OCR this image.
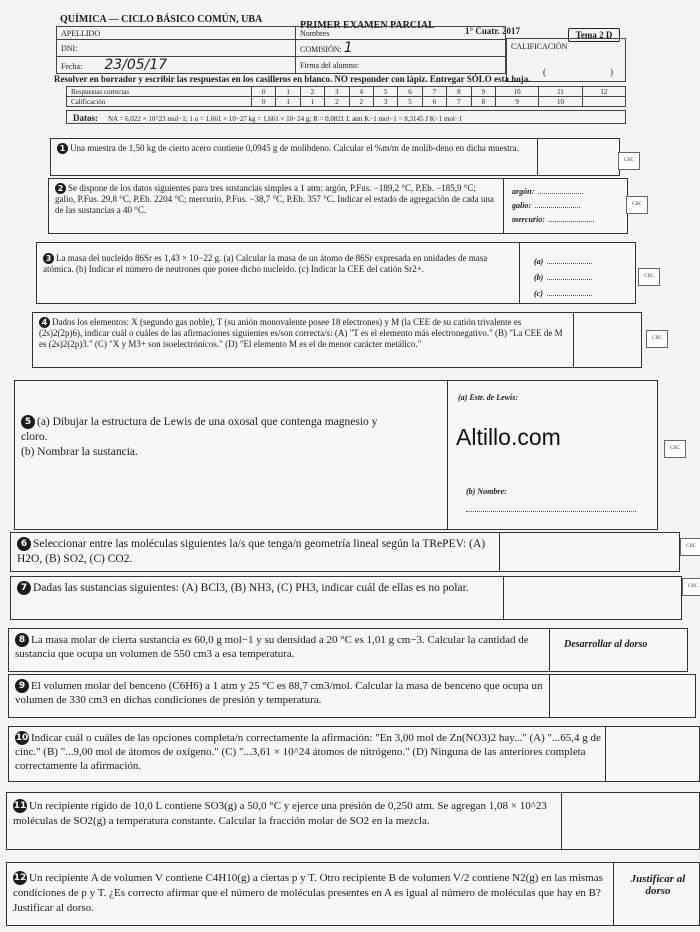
QUÍMICA — CICLO BÁSICO COMÚN, UBA
PRIMER EXAMEN PARCIAL	1° Cuatr. 2017	Tema 2 D
APELLIDO	Nombres
DNI:	COMISIÓN: 1
Fecha: 23/05/17	Firma del alumno:
CALIFICACIÓN
(	)
Resolver en borrador y escribir las respuestas en los casilleros en blanco. NO responder con lápiz. Entregar SÓLO esta hoja.
Respuestas correctas	0	1	2	3	4	5	6	7	8	9	10	11	12
Calificación	0	1	1	2	2	3	5	6	7	8	9	10	
Datos: NA = 6,022 × 10^23 mol−1; 1 u = 1,661 × 10−27 kg = 1,661 × 10−24 g; R = 0,0821 L atm K−1 mol−1 = 8,3145 J K−1 mol−1
1 Una muestra de 1,50 kg de cierto acero contiene 0,0945 g de molibdeno. Calcular el %m/m de molib-deno en dicha muestra.
CBC
2 Se dispone de los datos siguientes para tres sustancias simples a 1 atm: argón, P.Fus. −189,2 °C, P.Eb. −185,9 °C; galio, P.Fus. 29,8 °C, P.Eb. 2204 °C; mercurio, P.Fus. −38,7 °C, P.Eb. 357 °C. Indicar el estado de agregación de cada una de las sustancias a 40 °C.
argón:
galio:
mercurio:
CBC
3 La masa del nucleído 86Sr es 1,43 × 10−22 g. (a) Calcular la masa de un átomo de 86Sr expresada en unidades de masa atómica. (b) Indicar el número de neutrones que posee dicho nucleído. (c) Indicar la CEE del catión Sr2+.
(a)
(b)
(c)
CBC
4 Dados los elementos: X (segundo gas noble), T (su anión monovalente posee 18 electrones) y M (la CEE de su catión trivalente es (2s)2(2p)6), indicar cuál o cuáles de las afirmaciones siguientes es/son correcta/s: (A) "T es el elemento más electronegativo." (B) "La CEE de M es (2s)2(2p)3." (C) "X y M3+ son isoelectrónicos." (D) "El elemento M es el de menor carácter metálico."
CBC
5 (a) Dibujar la estructura de Lewis de una oxosal que contenga magnesio y cloro.
(b) Nombrar la sustancia.
(a) Estr. de Lewis:
(b) Nombre:
Altillo.com	CBC
6 Seleccionar entre las moléculas siguientes la/s que tenga/n geometría lineal según la TRePEV: (A) H2O, (B) SO2, (C) CO2.
CBC
7 Dadas las sustancias siguientes: (A) BCl3, (B) NH3, (C) PH3, indicar cuál de ellas es no polar.	CBC
8 La masa molar de cierta sustancia es 60,0 g mol−1 y su densidad a 20 °C es 1,01 g cm−3. Calcular la cantidad de sustancia que ocupa un volumen de 550 cm3 a esa temperatura.
Desarrollar al dorso
9 El volumen molar del benceno (C6H6) a 1 atm y 25 °C es 88,7 cm3/mol. Calcular la masa de benceno que ocupa un volumen de 330 cm3 en dichas condiciones de presión y temperatura.
10 Indicar cuál o cuáles de las opciones completa/n correctamente la afirmación: "En 3,00 mol de Zn(NO3)2 hay..." (A) "...65,4 g de cinc." (B) "...9,00 mol de átomos de oxígeno." (C) "...3,61 × 10^24 átomos de nitrógeno." (D) Ninguna de las anteriores completa correctamente la afirmación.
11 Un recipiente rígido de 10,0 L contiene SO3(g) a 50,0 °C y ejerce una presión de 0,250 atm. Se agregan 1,08 × 10^23 moléculas de SO2(g) a temperatura constante. Calcular la fracción molar de SO2 en la mezcla.
12 Un recipiente A de volumen V contiene C4H10(g) a ciertas p y T. Otro recipiente B de volumen V/2 contiene N2(g) en las mismas condiciones de p y T. ¿Es correcto afirmar que el número de moléculas presentes en A es igual al número de moléculas que hay en B? Justificar al dorso.
Justificar al dorso
